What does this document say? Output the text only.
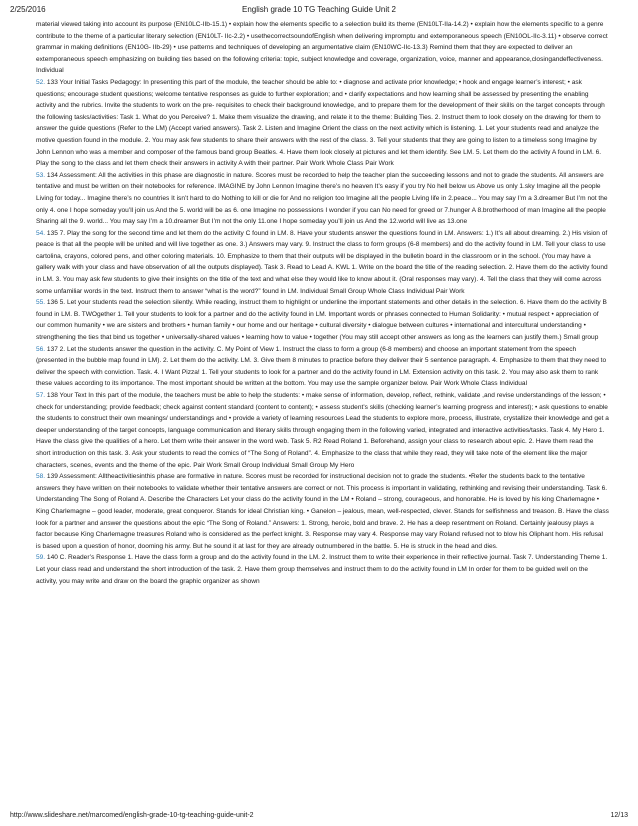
2/25/2016	English grade 10 TG Teaching Guide Unit 2

material viewed taking into account its purpose (EN10LC-IIb-15.1) • explain how the elements specific to a selection build its theme (EN10LT-IIa-14.2) • explain how the elements specific to a genre contribute to the theme of a particular literary selection (EN10LT- IIc-2.2) • usethecorrectsoundofEnglish when delivering impromptu and extemporaneous speech (EN10OL-IIc-3.11) • observe correct grammar in making definitions (EN10G- IIb-29) • use patterns and techniques of developing an argumentative claim (EN10WC-IIc-13.3) Remind them that they are expected to deliver an extemporaneous speech emphasizing on building ties based on the following criteria: topic, subject knowledge and coverage, organization, voice, manner and appearance,closingandeffectiveness. Individual

52. 133 Your Initial Tasks Pedagogy: In presenting this part of the module, the teacher should be able to: • diagnose and activate prior knowledge; • hook and engage learner’s interest; • ask questions; encourage student questions; welcome tentative responses as guide to further exploration; and • clarify expectations and how learning shall be assessed by presenting the enabling activity and the rubrics. Invite the students to work on the pre- requisites to check their background knowledge, and to prepare them for the development of their skills on the target concepts through the following tasks/activities: Task 1. What do you Perceive? 1. Make them visualize the drawing, and relate it to the theme: Building Ties. 2. Instruct them to look closely on the drawing for them to answer the guide questions (Refer to the LM) (Accept varied answers). Task 2. Listen and Imagine Orient the class on the next activity which is listening. 1. Let your students read and analyze the motive question found in the module. 2. You may ask few students to share their answers with the rest of the class. 3. Tell your students that they are going to listen to a timeless song Imagine by John Lennon who was a member and composer of the famous band group Beatles. 4. Have them look closely at pictures and let them identify. See LM. 5. Let them do the activity A found in LM. 6. Play the song to the class and let them check their answers in activity A with their partner. Pair Work Whole Class Pair Work

53. 134 Assessment: All the activities in this phase are diagnostic in nature. Scores must be recorded to help the teacher plan the succeeding lessons and not to grade the students. All answers are tentative and must be written on their notebooks for reference. IMAGINE by John Lennon Imagine there’s no heaven It’s easy if you try No hell below us Above us only 1.sky Imagine all the people Living for today... Imagine there’s no countries It isn’t hard to do Nothing to kill or die for And no religion too Imagine all the people Living life in 2.peace... You may say I’m a 3.dreamer But I’m not the only 4. one I hope someday you’ll join us And the 5. world will be as 6. one Imagine no possessions I wonder if you can No need for greed or 7.hunger A 8.brotherhood of man Imagine all the people Sharing all the 9. world... You may say I’m a 10.dreamer But I’m not the only 11.one I hope someday you’ll join us And the 12.world will live as 13.one

54. 135 7. Play the song for the second time and let them do the activity C found in LM. 8. Have your students answer the questions found in LM. Answers: 1.) It’s all about dreaming. 2.) His vision of peace is that all the people will be united and will live together as one. 3.) Answers may vary. 9. Instruct the class to form groups (6-8 members) and do the activity found in LM. Tell your class to use cartolina, crayons, colored pens, and other coloring materials. 10. Emphasize to them that their outputs will be displayed in the bulletin board in the classroom or in the school. (You may have a gallery walk with your class and have observation of all the outputs displayed). Task 3. Read to Lead A. KWL 1. Write on the board the title of the reading selection. 2. Have them do the activity found in LM. 3. You may ask few students to give their insights on the title of the text and what else they would like to know about it. (Oral responses may vary). 4. Tell the class that they will come across some unfamiliar words in the text. Instruct them to answer “what is the word?” found in LM. Individual Small Group Whole Class Individual Pair Work

55. 136 5. Let your students read the selection silently. While reading, instruct them to highlight or underline the important statements and other details in the selection. 6. Have them do the activity B found in LM. B. TWOgether 1. Tell your students to look for a partner and do the activity found in LM. Important words or phrases connected to Human Solidarity: • mutual respect • appreciation of our common humanity • we are sisters and brothers • human family • our home and our heritage • cultural diversity • dialogue between cultures • international and intercultural understanding • strengthening the ties that bind us together • universally-shared values • learning how to value • together (You may still accept other answers as long as the learners can justify them.) Small group

56. 137 2. Let the students answer the question in the activity. C. My Point of View 1. Instruct the class to form a group (6-8 members) and choose an important statement from the speech (presented in the bubble map found in LM). 2. Let them do the activity. LM. 3. Give them 8 minutes to practice before they deliver their 5 sentence paragraph. 4. Emphasize to them that they need to deliver the speech with conviction. Task. 4. I Want Pizza! 1. Tell your students to look for a partner and do the activity found in LM. Extension activity on this task. 2. You may also ask them to rank these values according to its importance. The most important should be written at the bottom. You may use the sample organizer below. Pair Work Whole Class Individual

57. 138 Your Text In this part of the module, the teachers must be able to help the students: • make sense of information, develop, reflect, rethink, validate ,and revise understandings of the lesson; • check for understanding; provide feedback; check against content standard (content to content); • assess student’s skills (checking learner’s learning progress and interest); • ask questions to enable the students to construct their own meanings/ understandings and • provide a variety of learning resources Lead the students to explore more, process, illustrate, crystallize their knowledge and get a deeper understanding of the target concepts, language communication and literary skills through engaging them in the following varied, integrated and interactive activities/tasks. Task 4. My Hero 1. Have the class give the qualities of a hero. Let them write their answer in the word web. Task 5. R2 Read Roland 1. Beforehand, assign your class to research about epic. 2. Have them read the short introduction on this task. 3. Ask your students to read the comics of “The Song of Roland”. 4. Emphasize to the class that while they read, they will take note of the element like the major characters, scenes, events and the theme of the epic. Pair Work Small Group Individual Small Group My Hero

58. 139 Assessment: Alltheactivitiesinthis phase are formative in nature. Scores must be recorded for instructional decision not to grade the students. •Refer the students back to the tentative answers they have written on their notebooks to validate whether their tentative answers are correct or not. This process is important in validating, rethinking and revising their understanding. Task 6. Understanding The Song of Roland A. Describe the Characters Let your class do the activity found in the LM • Roland – strong, courageous, and honorable. He is loved by his king Charlemagne • King Charlemagne – good leader, moderate, great conqueror. Stands for ideal Christian king. • Ganelon – jealous, mean, well-respected, clever. Stands for selfishness and treason. B. Have the class look for a partner and answer the questions about the epic “The Song of Roland.” Answers: 1. Strong, heroic, bold and brave. 2. He has a deep resentment on Roland. Certainly jealousy plays a factor because King Charlemagne treasures Roland who is considered as the perfect knight. 3. Response may vary 4. Response may vary Roland refused not to blow his Oliphant horn. His refusal is based upon a question of honor, dooming his army. But he sound it at last for they are already outnumbered in the battle. 5. He is struck in the head and dies.

59. 140 C. Reader’s Response 1. Have the class form a group and do the activity found in the LM. 2. Instruct them to write their experience in their reflective journal. Task 7. Understanding Theme 1. Let your class read and understand the short introduction of the task. 2. Have them group themselves and instruct them to do the activity found in LM In order for them to be guided well on the activity, you may write and draw on the board the graphic organizer as shown

http://www.slideshare.net/marcomed/english-grade-10-tg-teaching-guide-unit-2	12/13
